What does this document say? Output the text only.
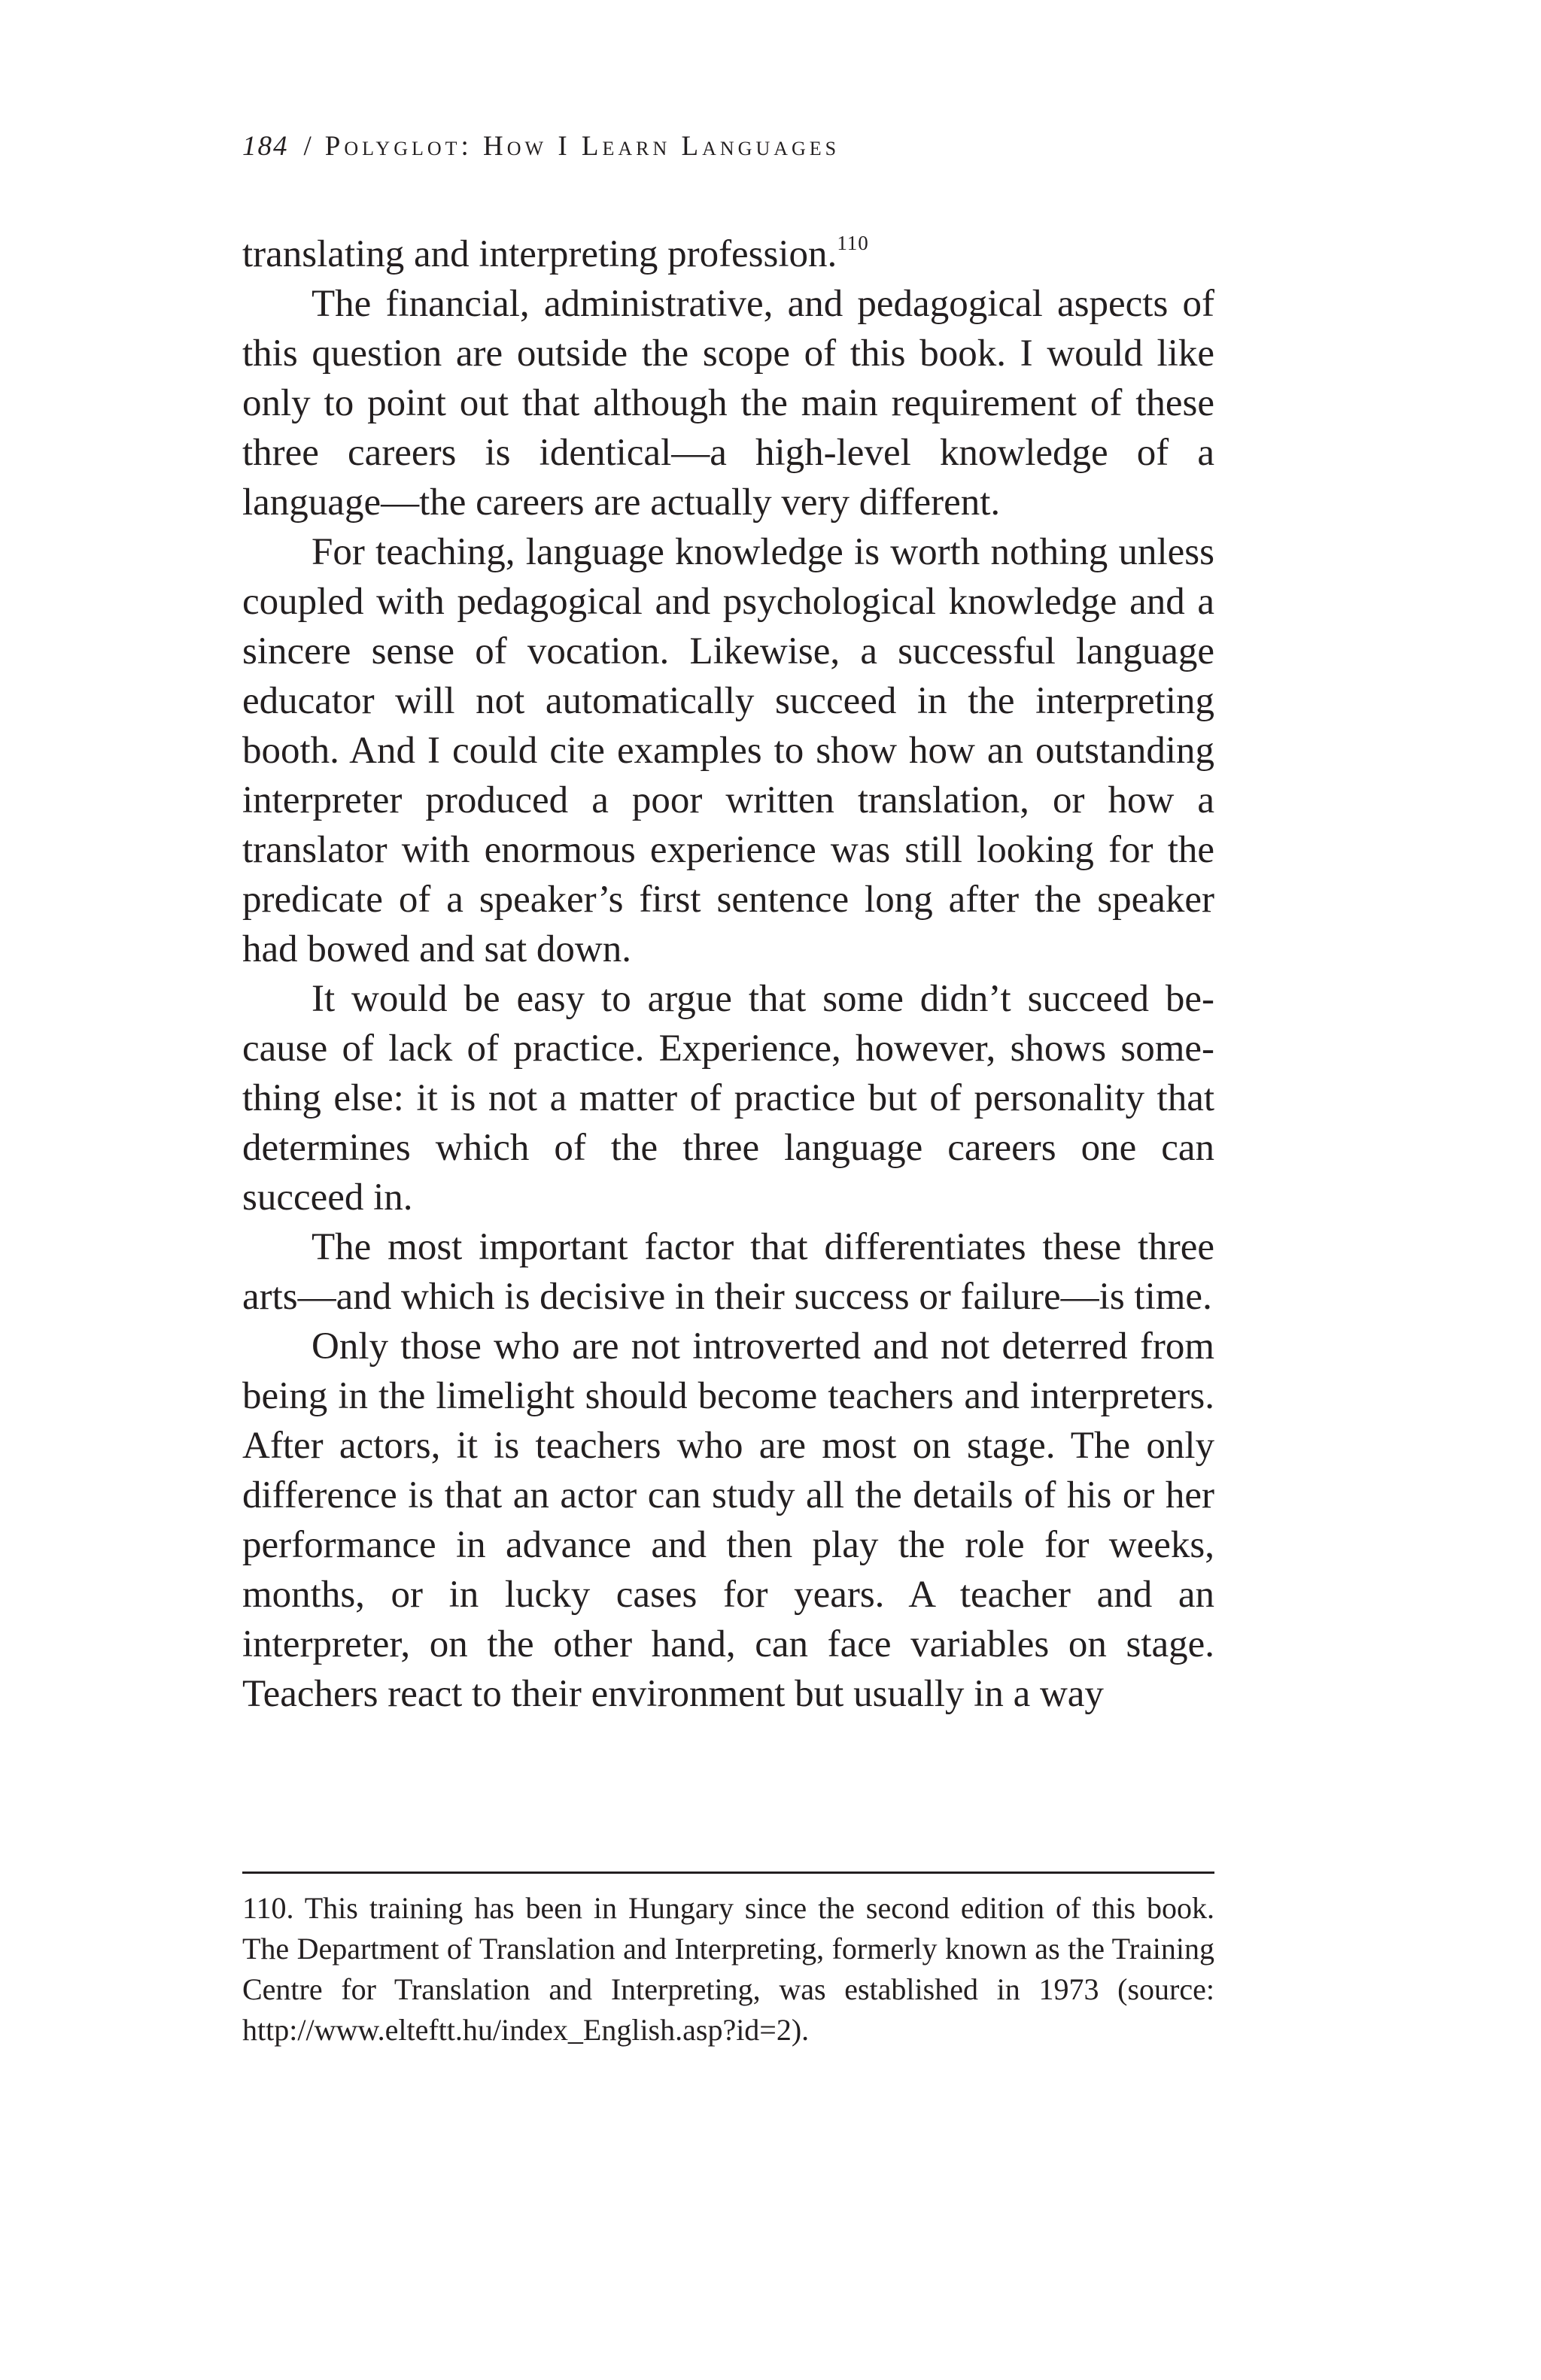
184 / Polyglot: How I Learn Languages

translating and interpreting profession.$^{110}$

The financial, administrative, and pedagogical aspects of this question are outside the scope of this book. I would like only to point out that although the main requirement of these three careers is identical—a high-level knowledge of a language—the careers are actually very different.

For teaching, language knowledge is worth nothing unless coupled with pedagogical and psychological knowledge and a sincere sense of vocation. Likewise, a successful language educator will not automatically succeed in the interpreting booth. And I could cite examples to show how an outstanding interpreter produced a poor written translation, or how a translator with enormous experience was still looking for the predicate of a speaker’s first sentence long after the speaker had bowed and sat down.

It would be easy to argue that some didn’t succeed because of lack of practice. Experience, however, shows something else: it is not a matter of practice but of personality that determines which of the three language careers one can succeed in.

The most important factor that differentiates these three arts—and which is decisive in their success or failure—is time.

Only those who are not introverted and not deterred from being in the limelight should become teachers and interpreters. After actors, it is teachers who are most on stage. The only difference is that an actor can study all the details of his or her performance in advance and then play the role for weeks, months, or in lucky cases for years. A teacher and an interpreter, on the other hand, can face variables on stage. Teachers react to their environment but usually in a way

110. This training has been in Hungary since the second edition of this book. The Department of Translation and Interpreting, formerly known as the Training Centre for Translation and Interpreting, was established in 1973 (source: http://www.elteftt.hu/index_English.asp?id=2).
